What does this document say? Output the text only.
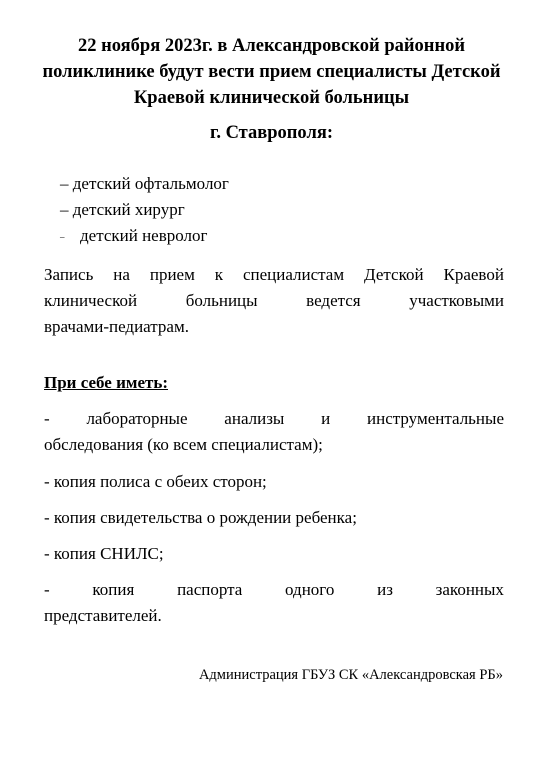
22 ноября 2023г. в Александровской районной поликлинике будут вести прием специалисты Детской Краевой клинической больницы
г. Ставрополя:
– детский офтальмолог
– детский хирург
– детский невролог
Запись на прием к специалистам Детской Краевой
клинической	больницы	ведется	участковыми
врачами-педиатрам.
При себе иметь:
- лабораторные анализы и инструментальные
обследования (ко всем специалистам);
- копия полиса с обеих сторон;
- копия свидетельства о рождении ребенка;
- копия СНИЛС;
-	копия	паспорта	одного	из	законных
представителей.
Администрация ГБУЗ СК «Александровская РБ»
